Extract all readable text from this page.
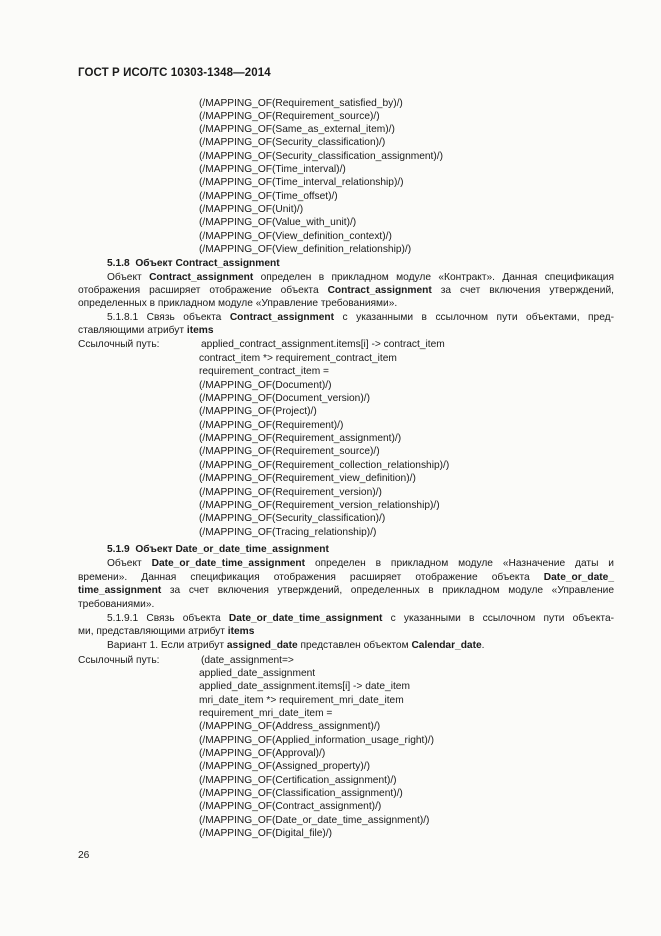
ГОСТ Р ИСО/ТС 10303-1348—2014
(/MAPPING_OF(Requirement_satisfied_by)/)
(/MAPPING_OF(Requirement_source)/)
(/MAPPING_OF(Same_as_external_item)/)
(/MAPPING_OF(Security_classification)/)
(/MAPPING_OF(Security_classification_assignment)/)
(/MAPPING_OF(Time_interval)/)
(/MAPPING_OF(Time_interval_relationship)/)
(/MAPPING_OF(Time_offset)/)
(/MAPPING_OF(Unit)/)
(/MAPPING_OF(Value_with_unit)/)
(/MAPPING_OF(View_definition_context)/)
(/MAPPING_OF(View_definition_relationship)/)
5.1.8 Объект Contract_assignment
Объект Contract_assignment определен в прикладном модуле «Контракт». Данная спецификация
отображения расширяет отображение объекта Contract_assignment за счет включения утверждений,
определенных в прикладном модуле «Управление требованиями».
5.1.8.1 Связь объекта Contract_assignment с указанными в ссылочном пути объектами, пред-
ставляющими атрибут items
Ссылочный путь:	applied_contract_assignment.items[i] -> contract_item
contract_item *> requirement_contract_item
requirement_contract_item =
(/MAPPING_OF(Document)/)
(/MAPPING_OF(Document_version)/)
(/MAPPING_OF(Project)/)
(/MAPPING_OF(Requirement)/)
(/MAPPING_OF(Requirement_assignment)/)
(/MAPPING_OF(Requirement_source)/)
(/MAPPING_OF(Requirement_collection_relationship)/)
(/MAPPING_OF(Requirement_view_definition)/)
(/MAPPING_OF(Requirement_version)/)
(/MAPPING_OF(Requirement_version_relationship)/)
(/MAPPING_OF(Security_classification)/)
(/MAPPING_OF(Tracing_relationship)/)
5.1.9 Объект Date_or_date_time_assignment
Объект Date_or_date_time_assignment определен в прикладном модуле «Назначение даты и
времени». Данная спецификация отображения расширяет отображение объекта Date_or_date_
time_assignment за счет включения утверждений, определенных в прикладном модуле «Управление
требованиями».
5.1.9.1 Связь объекта Date_or_date_time_assignment с указанными в ссылочном пути объекта-
ми, представляющими атрибут items
Вариант 1. Если атрибут assigned_date представлен объектом Calendar_date.
Ссылочный путь:	(date_assignment=>
applied_date_assignment
applied_date_assignment.items[i] -> date_item
mri_date_item *> requirement_mri_date_item
requirement_mri_date_item =
(/MAPPING_OF(Address_assignment)/)
(/MAPPING_OF(Applied_information_usage_right)/)
(/MAPPING_OF(Approval)/)
(/MAPPING_OF(Assigned_property)/)
(/MAPPING_OF(Certification_assignment)/)
(/MAPPING_OF(Classification_assignment)/)
(/MAPPING_OF(Contract_assignment)/)
(/MAPPING_OF(Date_or_date_time_assignment)/)
(/MAPPING_OF(Digital_file)/)
26
